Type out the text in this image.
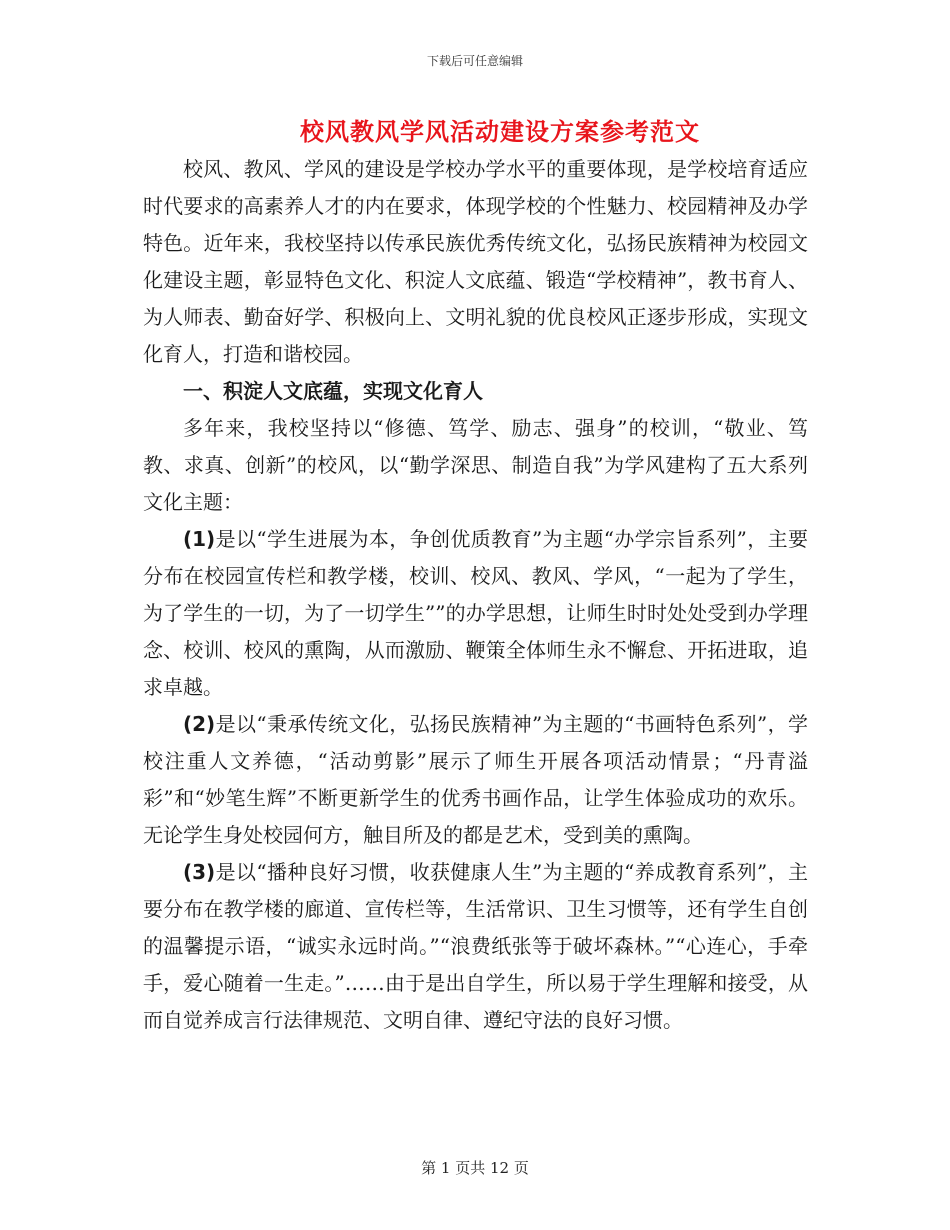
下载后可任意编辑
校风教风学风活动建设方案参考范文

校风、教风、学风的建设是学校办学水平的重要体现，是学校培育适应时代要求的高素养人才的内在要求，体现学校的个性魅力、校园精神及办学特色。近年来，我校坚持以传承民族优秀传统文化，弘扬民族精神为校园文化建设主题，彰显特色文化、积淀人文底蕴、锻造“学校精神”，教书育人、为人师表、勤奋好学、积极向上、文明礼貌的优良校风正逐步形成，实现文化育人，打造和谐校园。

一、积淀人文底蕴，实现文化育人

多年来，我校坚持以“修德、笃学、励志、强身”的校训，“敬业、笃教、求真、创新”的校风，以“勤学深思、制造自我”为学风建构了五大系列文化主题：

(1)是以“学生进展为本，争创优质教育”为主题“办学宗旨系列”，主要分布在校园宣传栏和教学楼，校训、校风、教风、学风，“一起为了学生，为了学生的一切，为了一切学生””的办学思想，让师生时时处处受到办学理念、校训、校风的熏陶，从而激励、鞭策全体师生永不懈怠、开拓进取，追求卓越。

(2)是以“秉承传统文化，弘扬民族精神”为主题的“书画特色系列”，学校注重人文养德，“活动剪影”展示了师生开展各项活动情景；“丹青溢彩”和“妙笔生辉”不断更新学生的优秀书画作品，让学生体验成功的欢乐。无论学生身处校园何方，触目所及的都是艺术，受到美的熏陶。

(3)是以“播种良好习惯，收获健康人生”为主题的“养成教育系列”，主要分布在教学楼的廊道、宣传栏等，生活常识、卫生习惯等，还有学生自创的温馨提示语，“诚实永远时尚。”“浪费纸张等于破坏森林。”“心连心，手牵手，爱心随着一生走。”……由于是出自学生，所以易于学生理解和接受，从而自觉养成言行法律规范、文明自律、遵纪守法的良好习惯。

第 1 页共 12 页
